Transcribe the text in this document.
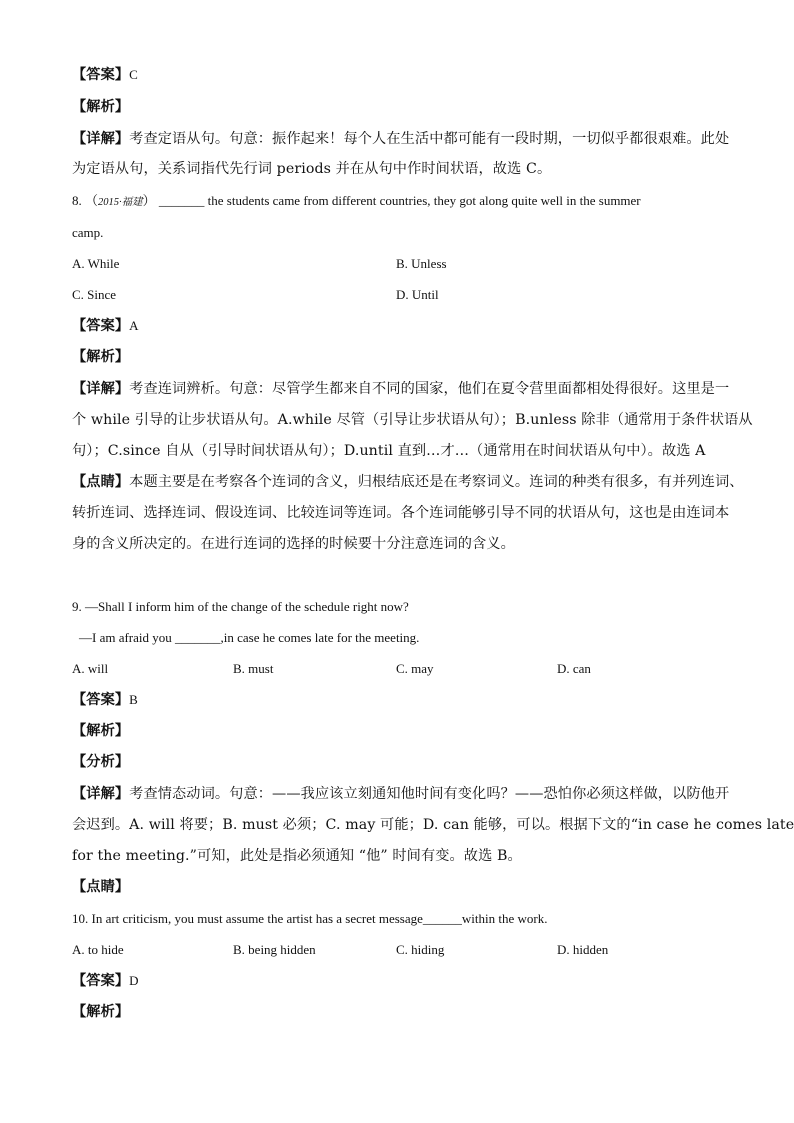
【答案】C
【解析】
【详解】考查定语从句。句意：振作起来！每个人在生活中都可能有一段时期，一切似乎都很艰难。此处
为定语从句，关系词指代先行词 periods 并在从句中作时间状语，故选 C。
8. （2015·福建） _______ the students came from different countries, they got along quite well in the summer
camp.
A. While	B. Unless
C. Since	D. Until
【答案】A
【解析】
【详解】考查连词辨析。句意：尽管学生都来自不同的国家，他们在夏令营里面都相处得很好。这里是一
个 while 引导的让步状语从句。A.while 尽管（引导让步状语从句）；B.unless 除非（通常用于条件状语从
句）；C.since 自从（引导时间状语从句）；D.until 直到…才…（通常用在时间状语从句中）。故选 A
【点睛】本题主要是在考察各个连词的含义，归根结底还是在考察词义。连词的种类有很多，有并列连词、
转折连词、选择连词、假设连词、比较连词等连词。各个连词能够引导不同的状语从句，这也是由连词本
身的含义所决定的。在进行连词的选择的时候要十分注意连词的含义。
9. —Shall I inform him of the change of the schedule right now?
—I am afraid you _______,in case he comes late for the meeting.
A. will	B. must	C. may	D. can
【答案】B
【解析】
【分析】
【详解】考查情态动词。句意：——我应该立刻通知他时间有变化吗？——恐怕你必须这样做，以防他开
会迟到。A. will 将要；B. must 必须；C. may 可能；D. can 能够，可以。根据下文的“in case he comes late
for the meeting.”可知，此处是指必须通知 “他” 时间有变。故选 B。
【点睛】
10. In art criticism, you must assume the artist has a secret message______within the work.
A. to hide	B. being hidden	C. hiding	D. hidden
【答案】D
【解析】
